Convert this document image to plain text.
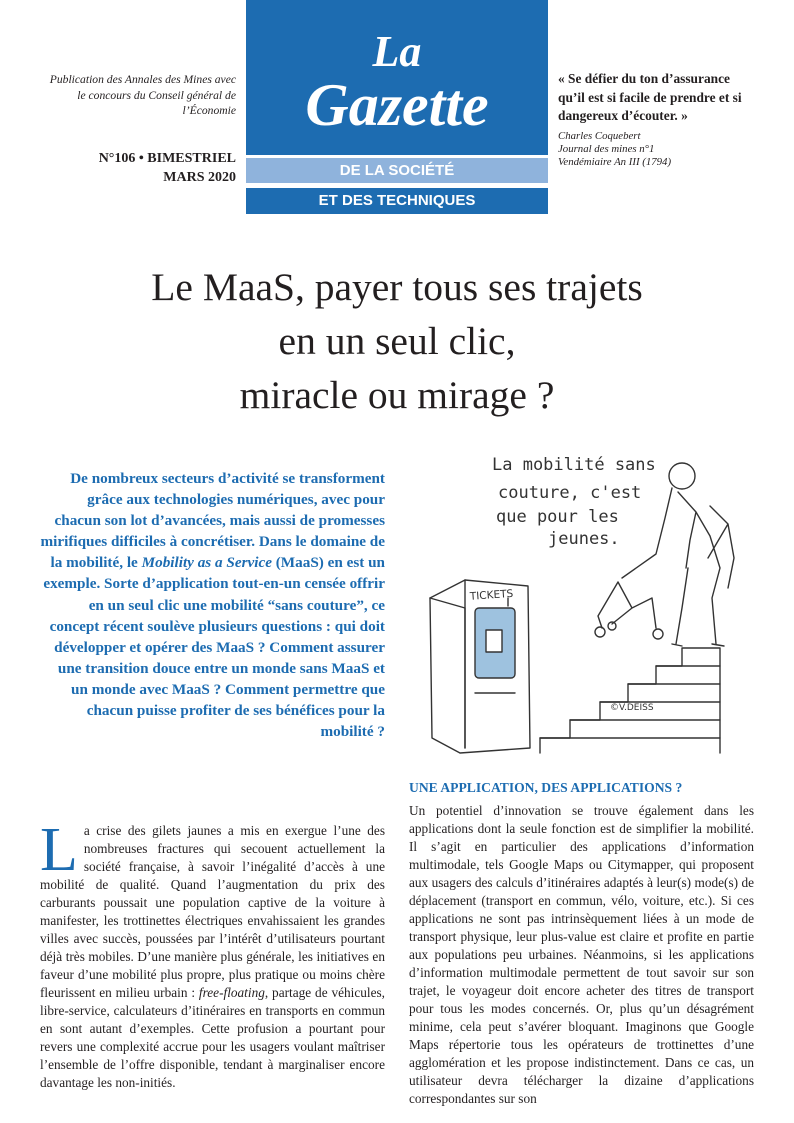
Publication des Annales des Mines avec le concours du Conseil général de l’Économie
N°106 • BIMESTRIEL
MARS 2020
La
Gazette
DE LA SOCIÉTÉ
ET DES TECHNIQUES
« Se défier du ton d’assurance qu’il est si facile de prendre et si dangereux d’écouter. »
Charles Coquebert
Journal des mines n°1
Vendémiaire An III (1794)
Le MaaS, payer tous ses trajets
en un seul clic,
miracle ou mirage ?
De nombreux secteurs d’activité se transforment grâce aux technologies numériques, avec pour chacun son lot d’avancées, mais aussi de promesses mirifiques difficiles à concrétiser. Dans le domaine de la mobilité, le Mobility as a Service (MaaS) en est un exemple. Sorte d’application tout-en-un censée offrir en un seul clic une mobilité “sans couture”, ce concept récent soulève plusieurs questions : qui doit développer et opérer des MaaS ? Comment assurer une transition douce entre un monde sans MaaS et un monde avec MaaS ? Comment permettre que chacun puisse profiter de ses bénéfices pour la mobilité ?
La mobilité sans
couture, c'est
que pour les
jeunes.
TICKETS
©V.DEISS
UNE APPLICATION, DES APPLICATIONS ?
La crise des gilets jaunes a mis en exergue l’une des nombreuses fractures qui secouent actuellement la société française, à savoir l’inégalité d’accès à une mobilité de qualité. Quand l’augmentation du prix des carburants poussait une population captive de la voiture à manifester, les trottinettes électriques envahissaient les grandes villes avec succès, poussées par l’intérêt d’utilisateurs pourtant déjà très mobiles. D’une manière plus générale, les initiatives en faveur d’une mobilité plus propre, plus pratique ou moins chère fleurissent en milieu urbain : free-floating, partage de véhicules, libre-service, calculateurs d’itinéraires en transports en commun en sont autant d’exemples. Cette profusion a pourtant pour revers une complexité accrue pour les usagers voulant maîtriser l’ensemble de l’offre disponible, tendant à marginaliser encore davantage les non-initiés.
Un potentiel d’innovation se trouve également dans les applications dont la seule fonction est de simplifier la mobilité. Il s’agit en particulier des applications d’information multimodale, tels Google Maps ou Citymapper, qui proposent aux usagers des calculs d’itinéraires adaptés à leur(s) mode(s) de déplacement (transport en commun, vélo, voiture, etc.). Si ces applications ne sont pas intrinsèquement liées à un mode de transport physique, leur plus-value est claire et profite en partie aux populations peu urbaines. Néanmoins, si les applications d’information multimodale permettent de tout savoir sur son trajet, le voyageur doit encore acheter des titres de transport pour tous les modes concernés. Or, plus qu’un désagrément minime, cela peut s’avérer bloquant. Imaginons que Google Maps répertorie tous les opérateurs de trottinettes d’une agglomération et les propose indistinctement. Dans ce cas, un utilisateur devra télécharger la dizaine d’applications correspondantes sur son
